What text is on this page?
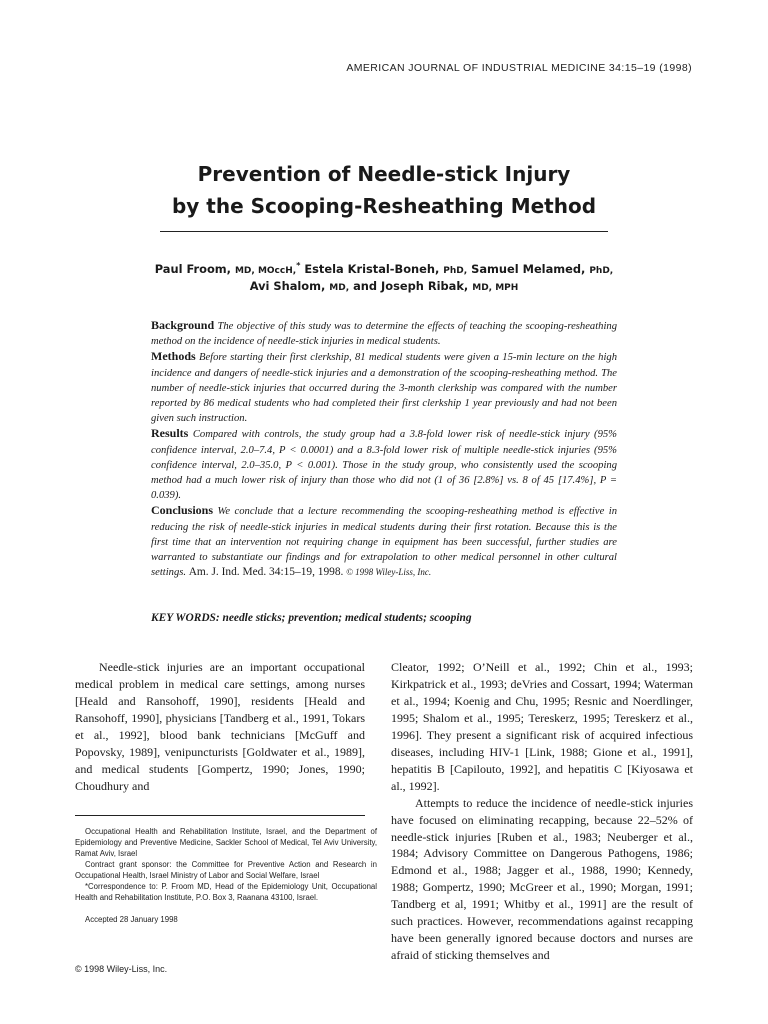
AMERICAN JOURNAL OF INDUSTRIAL MEDICINE 34:15–19 (1998)
Prevention of Needle-stick Injury
by the Scooping-Resheathing Method
Paul Froom, MD, MOccH,* Estela Kristal-Boneh, PhD, Samuel Melamed, PhD,
Avi Shalom, MD, and Joseph Ribak, MD, MPH

Background The objective of this study was to determine the effects of teaching the scooping-resheathing method on the incidence of needle-stick injuries in medical students.

Methods Before starting their first clerkship, 81 medical students were given a 15-min lecture on the high incidence and dangers of needle-stick injuries and a demonstration of the scooping-resheathing method. The number of needle-stick injuries that occurred during the 3-month clerkship was compared with the number reported by 86 medical students who had completed their first clerkship 1 year previously and had not been given such instruction.

Results Compared with controls, the study group had a 3.8-fold lower risk of needle-stick injury (95% confidence interval, 2.0–7.4, P < 0.0001) and a 8.3-fold lower risk of multiple needle-stick injuries (95% confidence interval, 2.0–35.0, P < 0.001). Those in the study group, who consistently used the scooping method had a much lower risk of injury than those who did not (1 of 36 [2.8%] vs. 8 of 45 [17.4%], P = 0.039).

Conclusions We conclude that a lecture recommending the scooping-resheathing method is effective in reducing the risk of needle-stick injuries in medical students during their first rotation. Because this is the first time that an intervention not requiring change in equipment has been successful, further studies are warranted to substantiate our findings and for extrapolation to other medical personnel in other cultural settings. Am. J. Ind. Med. 34:15–19, 1998. © 1998 Wiley-Liss, Inc.

KEY WORDS: needle sticks; prevention; medical students; scooping

Needle-stick injuries are an important occupational medical problem in medical care settings, among nurses [Heald and Ransohoff, 1990], residents [Heald and Ransohoff, 1990], physicians [Tandberg et al., 1991, Tokars et al., 1992], blood bank technicians [McGuff and Popovsky, 1989], venipuncturists [Goldwater et al., 1989], and medical students [Gompertz, 1990; Jones, 1990; Choudhury and

Cleator, 1992; O’Neill et al., 1992; Chin et al., 1993; Kirkpatrick et al., 1993; deVries and Cossart, 1994; Waterman et al., 1994; Koenig and Chu, 1995; Resnic and Noerdlinger, 1995; Shalom et al., 1995; Tereskerz, 1995; Tereskerz et al., 1996]. They present a significant risk of acquired infectious diseases, including HIV-1 [Link, 1988; Gione et al., 1991], hepatitis B [Capilouto, 1992], and hepatitis C [Kiyosawa et al., 1992].

Attempts to reduce the incidence of needle-stick injuries have focused on eliminating recapping, because 22–52% of needle-stick injuries [Ruben et al., 1983; Neuberger et al., 1984; Advisory Committee on Dangerous Pathogens, 1986; Edmond et al., 1988; Jagger et al., 1988, 1990; Kennedy, 1988; Gompertz, 1990; McGreer et al., 1990; Morgan, 1991; Tandberg et al, 1991; Whitby et al., 1991] are the result of such practices. However, recommendations against recapping have been generally ignored because doctors and nurses are afraid of sticking themselves and

Occupational Health and Rehabilitation Institute, Israel, and the Department of Epidemiology and Preventive Medicine, Sackler School of Medical, Tel Aviv University, Ramat Aviv, Israel

Contract grant sponsor: the Committee for Preventive Action and Research in Occupational Health, Israel Ministry of Labor and Social Welfare, Israel

*Correspondence to: P. Froom MD, Head of the Epidemiology Unit, Occupational Health and Rehabilitation Institute, P.O. Box 3, Raanana 43100, Israel.

Accepted 28 January 1998

© 1998 Wiley-Liss, Inc.
